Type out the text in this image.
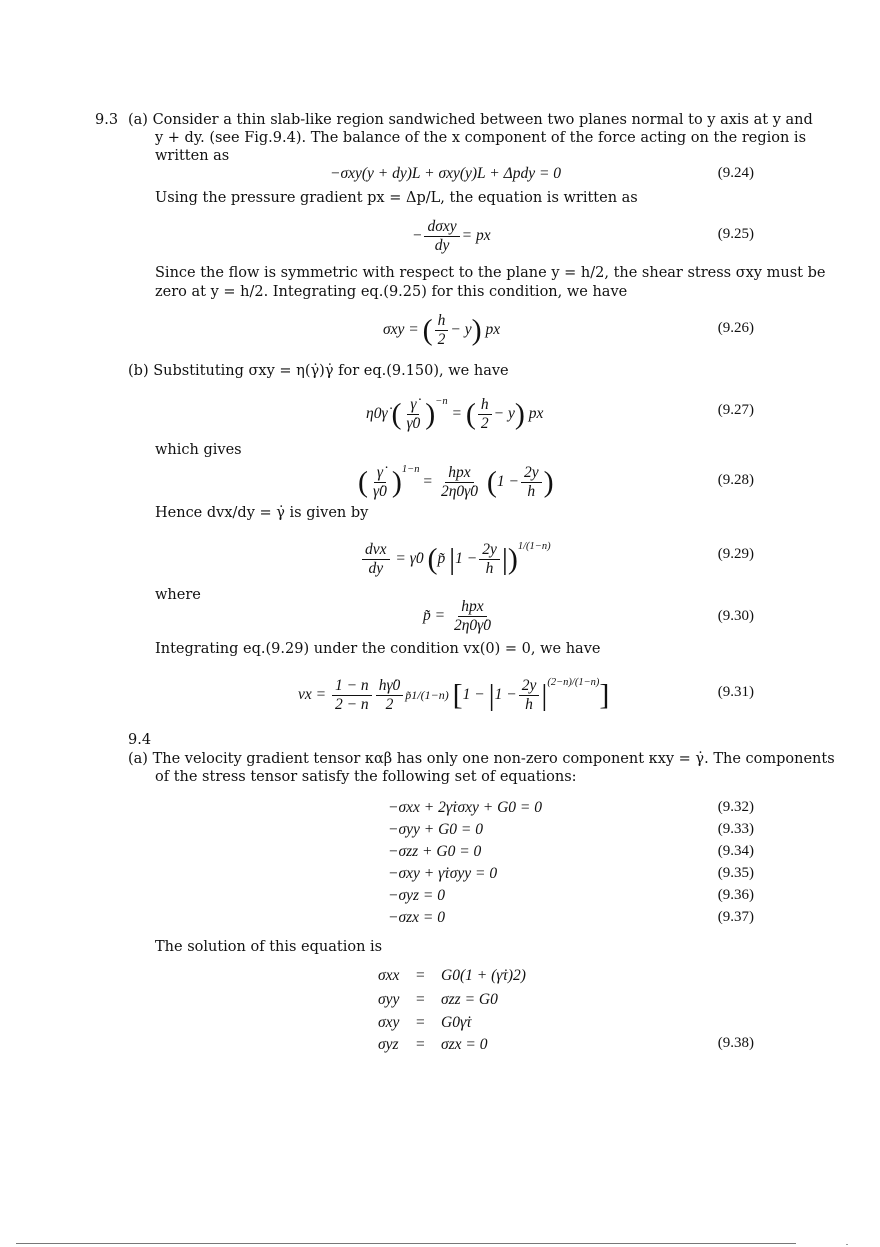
9.3 (a) Consider a thin slab-like region sandwiched between two planes normal to y axis at y and
y + dy. (see Fig.9.4). The balance of the x component of the force acting on the region is
written as
−σxy(y + dy)L + σxy(y)L + Δpdy = 0	(9.24)
Using the pressure gradient px = Δp/L, the equation is written as
− $\frac{\text{dσxy}}{dy}$ = px	(9.25)
Since the flow is symmetric with respect to the plane y = h/2, the shear stress σxy must be
zero at y = h/2. Integrating eq.(9.25) for this condition, we have
σxy = ( $\frac{h}{2} - y$) px	(9.26)
(b) Substituting σxy = η(γ̇)γ̇ for eq.(9.150), we have
η0γ̇ ( $\frac{\gammȧ}{\gammȧ0} )^{-n}$ = ( $\frac{h}{2} - y$) px	(9.27)
which gives
( $\frac{\gammȧ}{\gammȧ0} )^{1-n} = \frac{\text{hpx}}{2\eta 0\gammȧ0} (1 - \frac{2y}{h}$ )	(9.28)
Hence dvx/dy = γ̇ is given by
$\frac{\text{dvx}}{dy}$ = γ̇0 (p̃ $|1 - \frac{2y}{h} |)^{1/(1-n)}$	(9.29)
where
p̃ = $\frac{\text{hpx}}{2\eta 0\gammȧ0}$	(9.30)
Integrating eq.(9.29) under the condition vx(0) = 0, we have
vx = $\frac{1 - n}{2 - n} \frac{h\gammȧ0}{2}$ p̃1/(1−n) $[1 - |1 - \frac{2y}{h} |^{(2-n)/(1-n)}]$	(9.31)
9.4
(a) The velocity gradient tensor καβ has only one non-zero component κxy = γ̇. The components
of the stress tensor satisfy the following set of equations:
−σxx + 2γ̇τσxy + G0 = 0	(9.32)
−σyy + G0 = 0	(9.33)
−σzz + G0 = 0	(9.34)
−σxy + γ̇τσyy = 0	(9.35)
−σyz = 0	(9.36)
−σzx = 0	(9.37)
The solution of this equation is
σxx = G0(1 + (γ̇τ)2)
σyy = σzz = G0
σxy = G0γ̇τ
σyz = σzx = 0	(9.38)
